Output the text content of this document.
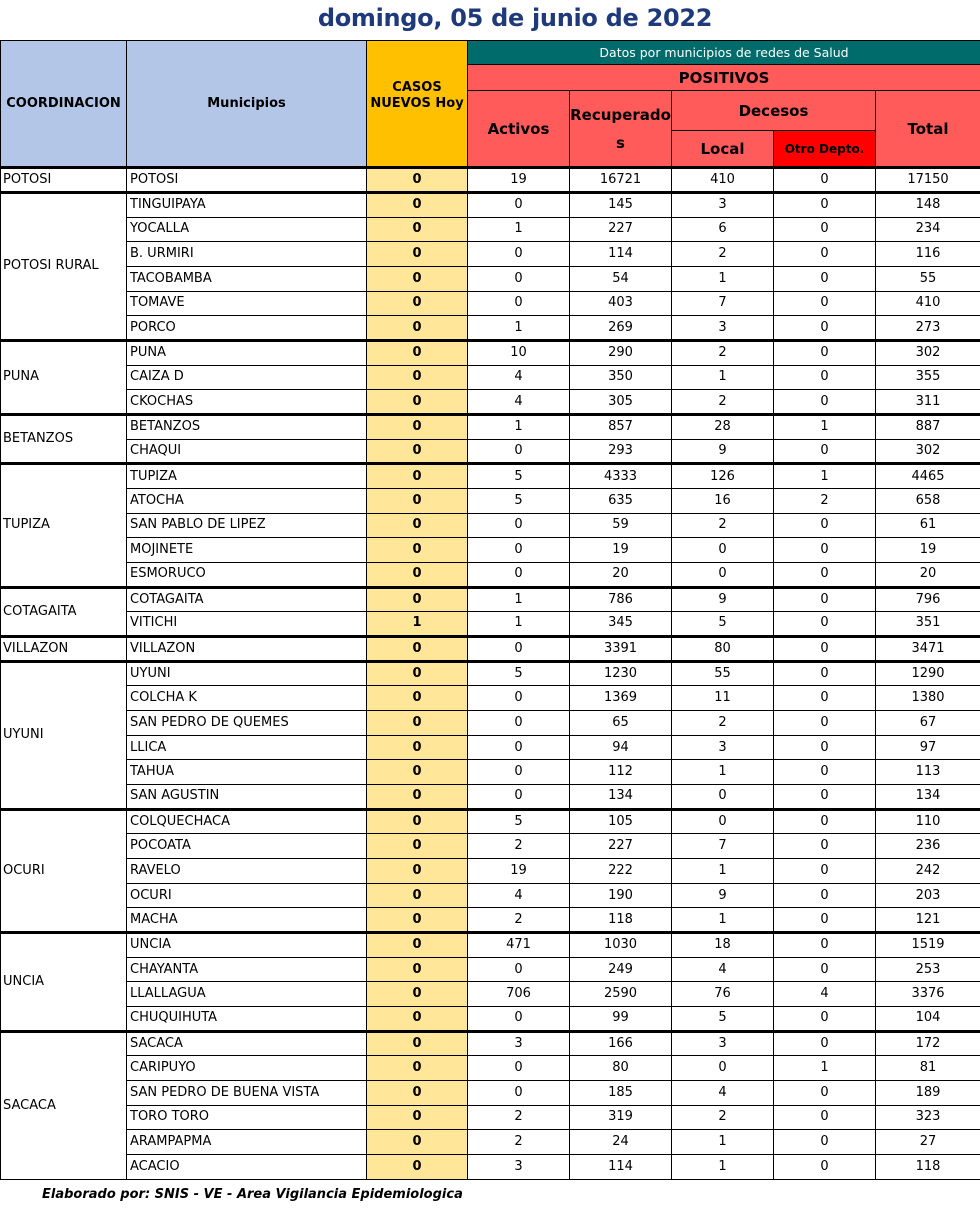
domingo, 05 de junio de 2022
COORDINACION	Municipios	CASOS
NUEVOS Hoy	Datos por municipios de redes de Salud				
			POSITIVOS				
			Activos	Recuperado
s	Decesos		Total
					Local	Otro Depto.	
POTOSI	POTOSI	0	19	16721	410	0	17150
POTOSI RURAL	TINGUIPAYA	0	0	145	3	0	148
	YOCALLA	0	1	227	6	0	234
	B. URMIRI	0	0	114	2	0	116
	TACOBAMBA	0	0	54	1	0	55
	TOMAVE	0	0	403	7	0	410
	PORCO	0	1	269	3	0	273
PUNA	PUNA	0	10	290	2	0	302
	CAIZA D	0	4	350	1	0	355
	CKOCHAS	0	4	305	2	0	311
BETANZOS	BETANZOS	0	1	857	28	1	887
	CHAQUI	0	0	293	9	0	302
TUPIZA	TUPIZA	0	5	4333	126	1	4465
	ATOCHA	0	5	635	16	2	658
	SAN PABLO DE LIPEZ	0	0	59	2	0	61
	MOJINETE	0	0	19	0	0	19
	ESMORUCO	0	0	20	0	0	20
COTAGAITA	COTAGAITA	0	1	786	9	0	796
	VITICHI	1	1	345	5	0	351
VILLAZON	VILLAZON	0	0	3391	80	0	3471
UYUNI	UYUNI	0	5	1230	55	0	1290
	COLCHA K	0	0	1369	11	0	1380
	SAN PEDRO DE QUEMES	0	0	65	2	0	67
	LLICA	0	0	94	3	0	97
	TAHUA	0	0	112	1	0	113
	SAN AGUSTIN	0	0	134	0	0	134
OCURI	COLQUECHACA	0	5	105	0	0	110
	POCOATA	0	2	227	7	0	236
	RAVELO	0	19	222	1	0	242
	OCURI	0	4	190	9	0	203
	MACHA	0	2	118	1	0	121
UNCIA	UNCIA	0	471	1030	18	0	1519
	CHAYANTA	0	0	249	4	0	253
	LLALLAGUA	0	706	2590	76	4	3376
	CHUQUIHUTA	0	0	99	5	0	104
SACACA	SACACA	0	3	166	3	0	172
	CARIPUYO	0	0	80	0	1	81
	SAN PEDRO DE BUENA VISTA	0	0	185	4	0	189
	TORO TORO	0	2	319	2	0	323
	ARAMPAPMA	0	2	24	1	0	27
	ACACIO	0	3	114	1	0	118
Elaborado por: SNIS - VE - Area Vigilancia Epidemiologica
